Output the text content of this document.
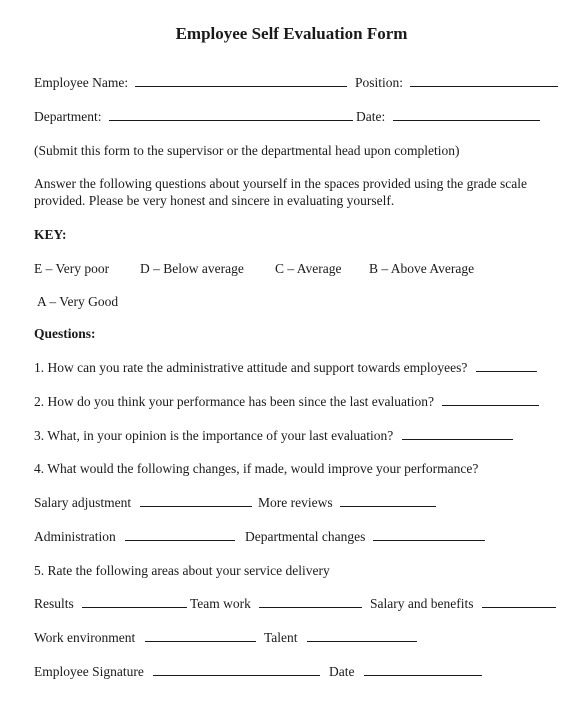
Employee Self Evaluation Form
Employee Name:	Position:
Department:	Date:
(Submit this form to the supervisor or the departmental head upon completion)
Answer the following questions about yourself in the spaces provided using the grade scale provided. Please be very honest and sincere in evaluating yourself.
KEY:
E – Very poor D – Below average C – Average B – Above Average
A – Very Good
Questions:
1. How can you rate the administrative attitude and support towards employees?
2. How do you think your performance has been since the last evaluation?
3. What, in your opinion is the importance of your last evaluation?
4. What would the following changes, if made, would improve your performance?
Salary adjustment	More reviews
Administration	Departmental changes
5. Rate the following areas about your service delivery
Results	Team work	Salary and benefits
Work environment	Talent
Employee Signature	Date
